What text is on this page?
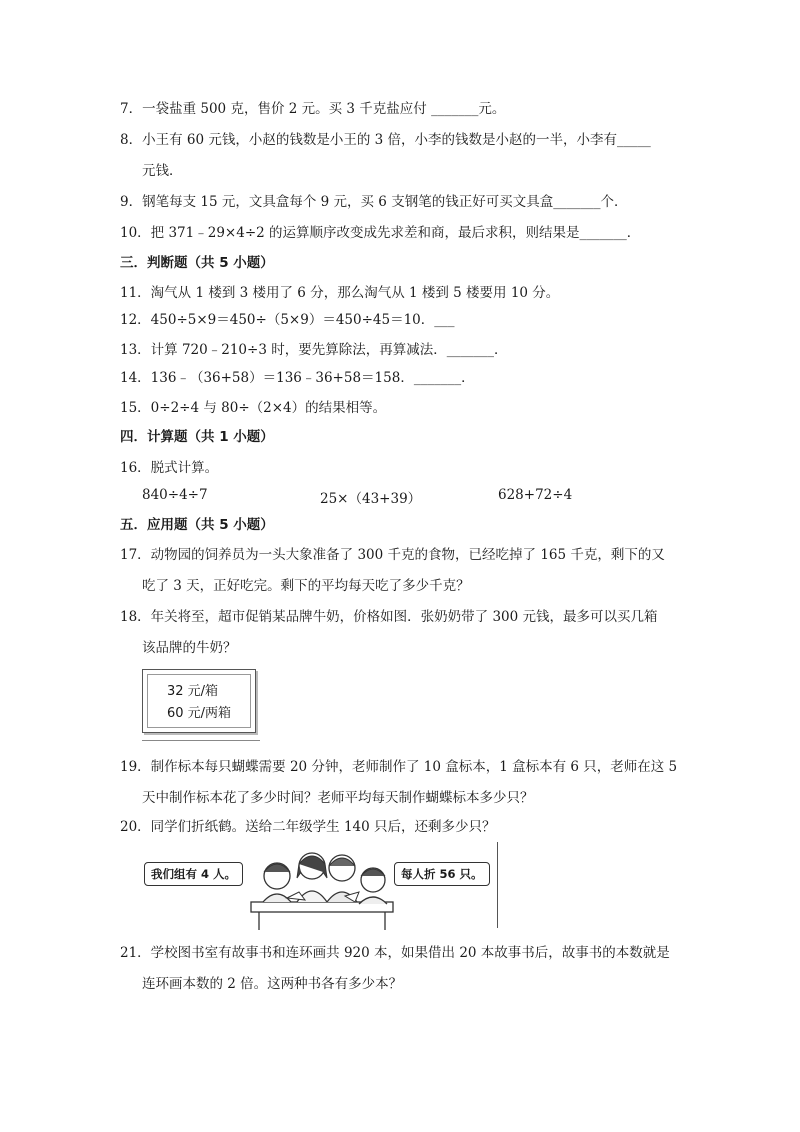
7．一袋盐重 500 克，售价 2 元。买 3 千克盐应付 _______元。
8．小王有 60 元钱，小赵的钱数是小王的 3 倍，小李的钱数是小赵的一半，小李有_____
元钱．
9．钢笔每支 15 元，文具盒每个 9 元，买 6 支钢笔的钱正好可买文具盒_______个．
10．把 371﹣29×4÷2 的运算顺序改变成先求差和商，最后求积，则结果是_______．
三．判断题（共 5 小题）
11．淘气从 1 楼到 3 楼用了 6 分，那么淘气从 1 楼到 5 楼要用 10 分。
12．450÷5×9＝450÷（5×9）＝450÷45＝10．___
13．计算 720﹣210÷3 时，要先算除法，再算减法．_______．
14．136﹣（36+58）＝136﹣36+58＝158．_______．
15．0÷2÷4 与 80÷（2×4）的结果相等。
四．计算题（共 1 小题）
16．脱式计算。
840÷4÷7	25×（43+39）	628+72÷4
五．应用题（共 5 小题）
17．动物园的饲养员为一头大象准备了 300 千克的食物，已经吃掉了 165 千克，剩下的又
吃了 3 天，正好吃完。剩下的平均每天吃了多少千克？
18．年关将至，超市促销某品牌牛奶，价格如图．张奶奶带了 300 元钱，最多可以买几箱
该品牌的牛奶？
32 元/箱
60 元/两箱
19．制作标本每只蝴蝶需要 20 分钟，老师制作了 10 盒标本，1 盒标本有 6 只，老师在这 5
天中制作标本花了多少时间？老师平均每天制作蝴蝶标本多少只？
20．同学们折纸鹤。送给二年级学生 140 只后，还剩多少只？
我们组有 4 人。	每人折 56 只。
21．学校图书室有故事书和连环画共 920 本，如果借出 20 本故事书后，故事书的本数就是
连环画本数的 2 倍。这两种书各有多少本？
